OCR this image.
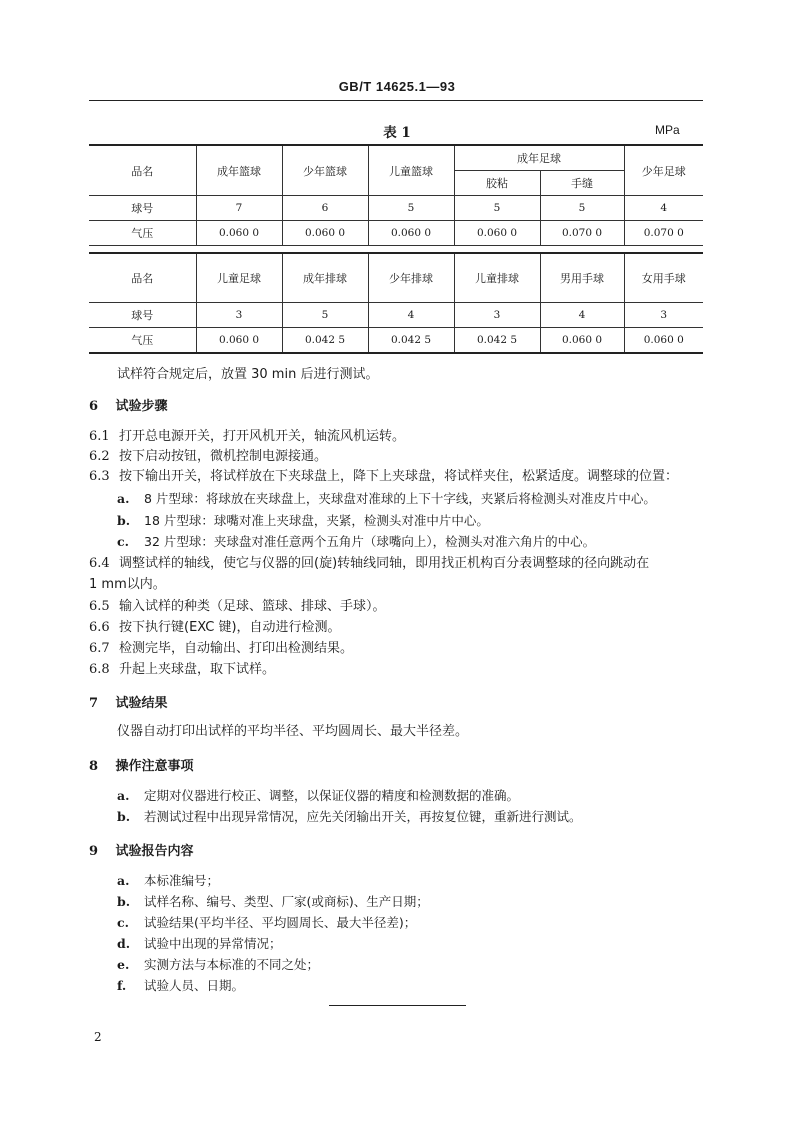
GB/T 14625.1—93
表 1	MPa
品名	成年篮球	少年篮球	儿童篮球	成年足球		少年足球
				胶粘	手缝	
球号	7	6	5	5	5	4
气压	0.060 0	0.060 0	0.060 0	0.060 0	0.070 0	0.070 0
品名	儿童足球	成年排球	少年排球	儿童排球	男用手球	女用手球
球号	3	5	4	3	4	3
气压	0.060 0	0.042 5	0.042 5	0.042 5	0.060 0	0.060 0
试样符合规定后，放置 30 min 后进行测试。
6 试验步骤
6.1 打开总电源开关，打开风机开关，轴流风机运转。
6.2 按下启动按钮，微机控制电源接通。
6.3 按下输出开关，将试样放在下夹球盘上，降下上夹球盘，将试样夹住，松紧适度。调整球的位置：
a. 8 片型球：将球放在夹球盘上，夹球盘对准球的上下十字线，夹紧后将检测头对准皮片中心。
b. 18 片型球：球嘴对准上夹球盘，夹紧，检测头对准中片中心。
c. 32 片型球：夹球盘对准任意两个五角片（球嘴向上），检测头对准六角片的中心。
6.4 调整试样的轴线，使它与仪器的回(旋)转轴线同轴，即用找正机构百分表调整球的径向跳动在
1 mm以内。
6.5 输入试样的种类（足球、篮球、排球、手球）。
6.6 按下执行键(EXC 键)，自动进行检测。
6.7 检测完毕，自动输出、打印出检测结果。
6.8 升起上夹球盘，取下试样。
7 试验结果
仪器自动打印出试样的平均半径、平均圆周长、最大半径差。
8 操作注意事项
a. 定期对仪器进行校正、调整，以保证仪器的精度和检测数据的准确。
b. 若测试过程中出现异常情况，应先关闭输出开关，再按复位键，重新进行测试。
9 试验报告内容
a. 本标准编号；
b. 试样名称、编号、类型、厂家(或商标)、生产日期；
c. 试验结果(平均半径、平均圆周长、最大半径差)；
d. 试验中出现的异常情况；
e. 实测方法与本标准的不同之处；
f. 试验人员、日期。
2
